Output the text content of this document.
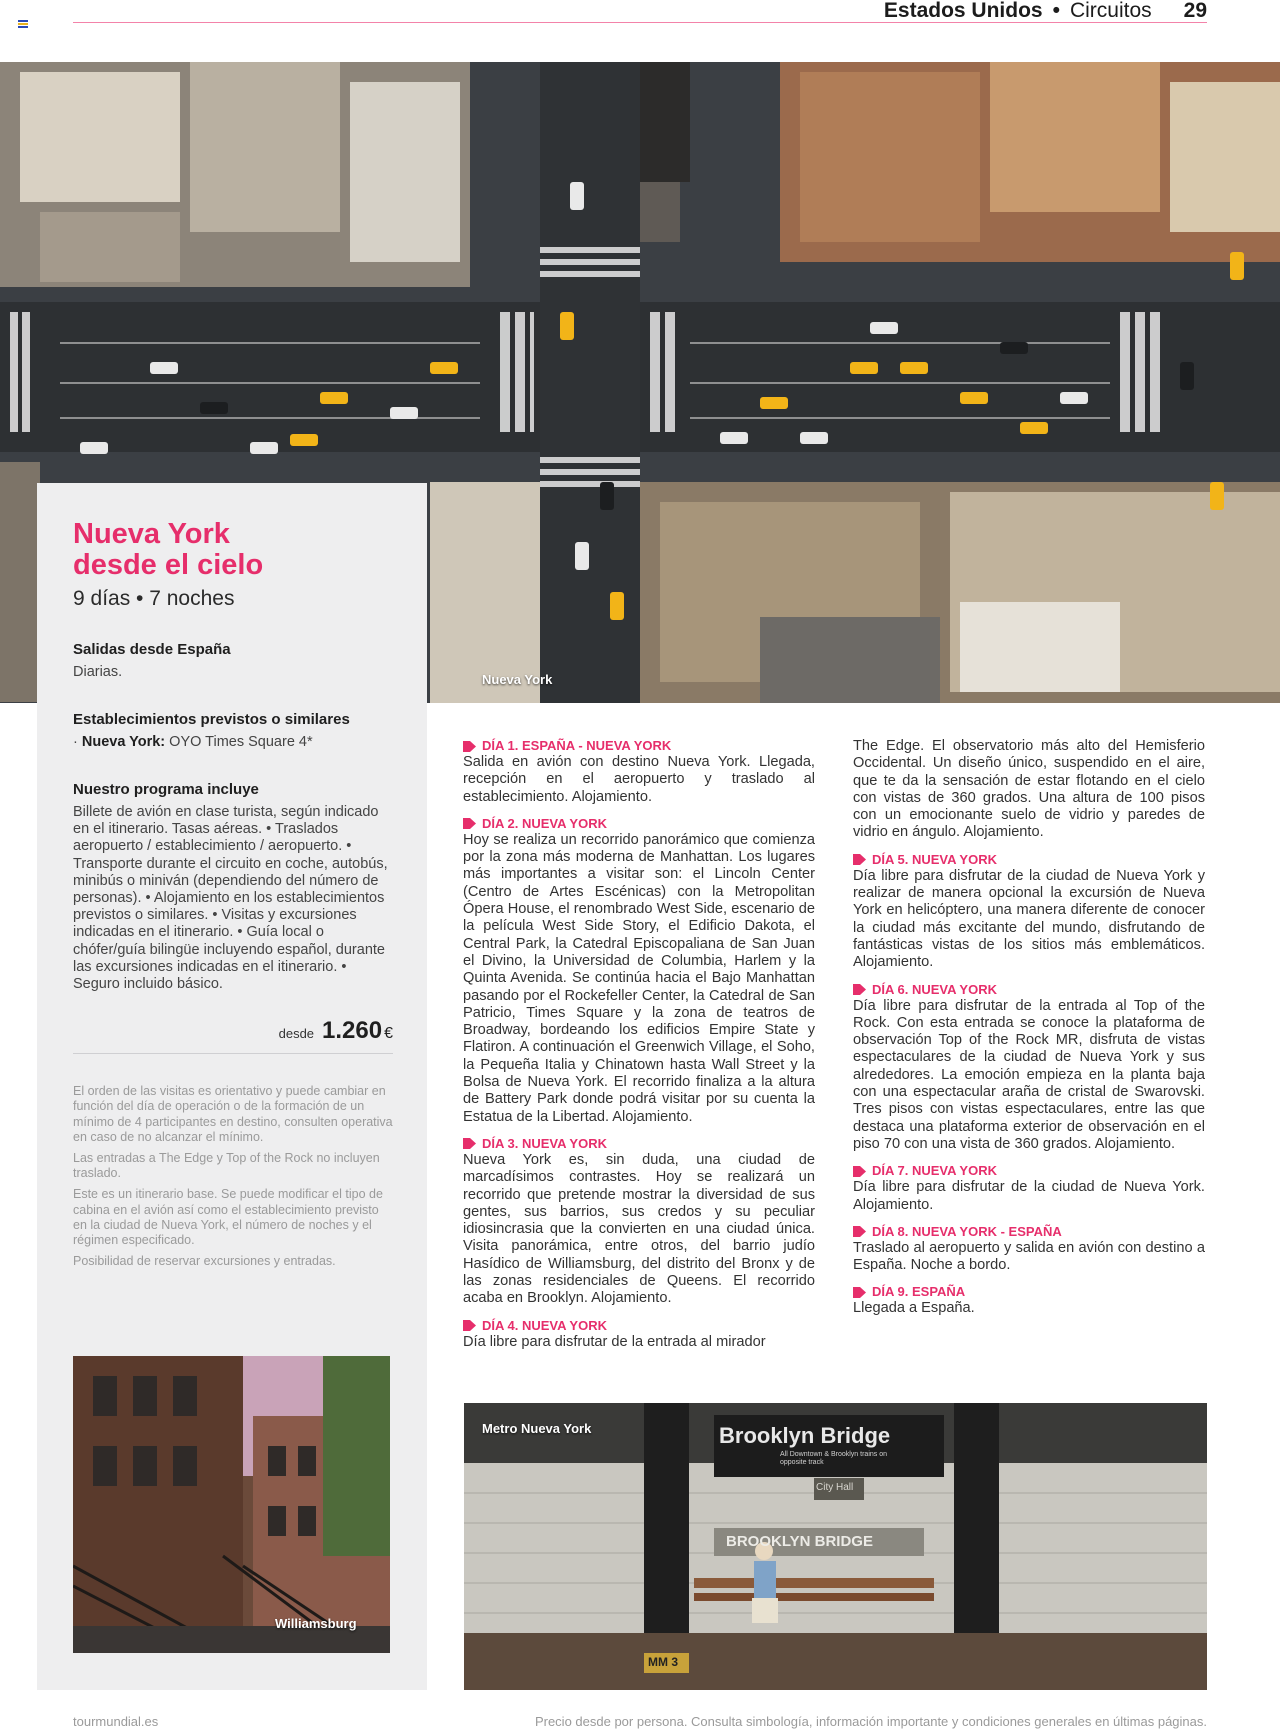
Estados Unidos • Circuitos 29
Nueva York
Nueva York
desde el cielo
9 días • 7 noches
Salidas desde España
Diarias.
Establecimientos previstos o similares
· Nueva York: OYO Times Square 4*
Nuestro programa incluye
Billete de avión en clase turista, según indicado en el itinerario. Tasas aéreas. • Traslados aeropuerto / establecimiento / aeropuerto. • Transporte durante el circuito en coche, autobús, minibús o miniván (dependiendo del número de personas). • Alojamiento en los establecimientos previstos o similares. • Visitas y excursiones indicadas en el itinerario. • Guía local o chófer/guía bilingüe incluyendo español, durante las excursiones indicadas en el itinerario. • Seguro incluido básico.
desde 1.260 €

El orden de las visitas es orientativo y puede cambiar en función del día de operación o de la formación de un mínimo de 4 participantes en destino, consulten operativa en caso de no alcanzar el mínimo.

Las entradas a The Edge y Top of the Rock no incluyen traslado.

Este es un itinerario base. Se puede modificar el tipo de cabina en el avión así como el establecimiento previsto en la ciudad de Nueva York, el número de noches y el régimen especificado.

Posibilidad de reservar excursiones y entradas.

Williamsburg
DÍA 1. ESPAÑA - NUEVA YORK
Salida en avión con destino Nueva York. Llegada, recepción en el aeropuerto y traslado al establecimiento. Alojamiento.
DÍA 2. NUEVA YORK
Hoy se realiza un recorrido panorámico que comienza por la zona más moderna de Manhattan. Los lugares más importantes a visitar son: el Lincoln Center (Centro de Artes Escénicas) con la Metropolitan Ópera House, el renombrado West Side, escenario de la película West Side Story, el Edificio Dakota, el Central Park, la Catedral Episcopaliana de San Juan el Divino, la Universidad de Columbia, Harlem y la Quinta Avenida. Se continúa hacia el Bajo Manhattan pasando por el Rockefeller Center, la Catedral de San Patricio, Times Square y la zona de teatros de Broadway, bordeando los edificios Empire State y Flatiron. A continuación el Greenwich Village, el Soho, la Pequeña Italia y Chinatown hasta Wall Street y la Bolsa de Nueva York. El recorrido finaliza a la altura de Battery Park donde podrá visitar por su cuenta la Estatua de la Libertad. Alojamiento.
DÍA 3. NUEVA YORK
Nueva York es, sin duda, una ciudad de marcadísimos contrastes. Hoy se realizará un recorrido que pretende mostrar la diversidad de sus gentes, sus barrios, sus credos y su peculiar idiosincrasia que la convierten en una ciudad única. Visita panorámica, entre otros, del barrio judío Hasídico de Williamsburg, del distrito del Bronx y de las zonas residenciales de Queens. El recorrido acaba en Brooklyn. Alojamiento.
DÍA 4. NUEVA YORK
Día libre para disfrutar de la entrada al mirador
The Edge. El observatorio más alto del Hemisferio Occidental. Un diseño único, suspendido en el aire, que te da la sensación de estar flotando en el cielo con vistas de 360 grados. Una altura de 100 pisos con un emocionante suelo de vidrio y paredes de vidrio en ángulo. Alojamiento.
DÍA 5. NUEVA YORK
Día libre para disfrutar de la ciudad de Nueva York y realizar de manera opcional la excursión de Nueva York en helicóptero, una manera diferente de conocer la ciudad más excitante del mundo, disfrutando de fantásticas vistas de los sitios más emblemáticos. Alojamiento.
DÍA 6. NUEVA YORK
Día libre para disfrutar de la entrada al Top of the Rock. Con esta entrada se conoce la plataforma de observación Top of the Rock MR, disfruta de vistas espectaculares de la ciudad de Nueva York y sus alrededores. La emoción empieza en la planta baja con una espectacular araña de cristal de Swarovski. Tres pisos con vistas espectaculares, entre las que destaca una plataforma exterior de observación en el piso 70 con una vista de 360 grados. Alojamiento.
DÍA 7. NUEVA YORK
Día libre para disfrutar de la ciudad de Nueva York. Alojamiento.
DÍA 8. NUEVA YORK - ESPAÑA
Traslado al aeropuerto y salida en avión con destino a España. Noche a bordo.
DÍA 9. ESPAÑA
Llegada a España.
Metro Nueva York	Brooklyn Bridge
All Downtown & Brooklyn trains on opposite track
City Hall
BROOKLYN BRIDGE
MM 3
tourmundial.es	Precio desde por persona. Consulta simbología, información importante y condiciones generales en últimas páginas.
